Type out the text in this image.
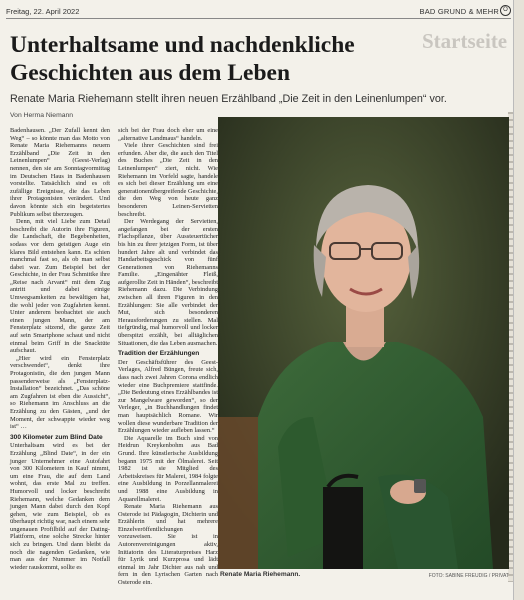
Freitag, 22. April 2022	BAD GRUND & MEHR O
Startseite
Unterhaltsame und nachdenkliche
Geschichten aus dem Leben
Renate Maria Riehemann stellt ihren neuen Erzählband „Die Zeit in den Leinenlumpen“ vor.
Von Herma Niemann

Badenhausen. „Der Zufall kennt den Weg“ – so könnte man das Motto von Renate Maria Riehemanns neuem Erzählband „Die Zeit in den Leinenlumpen“ (Geest-Verlag) nennen, den sie am Sonntagvormittag im Deutschen Haus in Badenhausen vorstellte. Tatsächlich sind es oft zufällige Ereignisse, die das Leben ihrer Protagonisten verändert. Und davon könnte sich ein begeistertes Publikum selbst überzeugen.

Denn, mit viel Liebe zum Detail beschreibt die Autorin ihre Figuren, die Landschaft, die Begebenheiten, sodass vor dem geistigen Auge ein klares Bild entstehen kann. Es schien manchmal fast so, als ob man selbst dabei war. Zum Beispiel bei der Geschichte, in der Frau Schmittke ihre „Reise nach Arvant“ mit dem Zug antritt und dabei einige Umwegsamkeiten zu bewältigen hat, die wohl jeder von Zugfahrten kennt. Unter anderem beobachtet sie auch einen jungen Mann, der am Fensterplatz sitzend, die ganze Zeit auf sein Smartphone schaut und nicht einmal beim Griff in die Snacktüte aufschaut.

„Hier wird ein Fensterplatz verschwendet“, denkt ihre Protagonistin, die den jungen Mann passenderweise als „Fensterplatz-Installation“ bezeichnet. „Das schöne am Zugfahren ist eben die Aussicht“, so Riehemann im Anschluss an die Erzählung zu den Gästen, „und der Moment, der schwappte wieder weg ist“ …

300 Kilometer zum Blind Date

Unterhaltsam wird es bei der Erzählung „Blind Date“, in der ein junger Unternehmer eine Autofahrt von 300 Kilometern in Kauf nimmt, um eine Frau, die auf dem Land wohnt, das erste Mal zu treffen. Humorvoll und locker beschreibt Riehemann, welche Gedanken dem jungen Mann dabei durch den Kopf gehen, wie zum Beispiel, ob es überhaupt richtig war, nach einem sehr ungenauen Profilbild auf der Dating-Plattform, eine solche Strecke hinter sich zu bringen. Und dann bleibt da noch die nagenden Gedanken, wie man aus der Nummer im Notfall wieder rauskommt, sollte es

sich bei der Frau doch eher um eine „alternative Landmaus“ handeln.

Viele ihrer Geschichten sind frei erfunden. Aber die, die auch den Titel des Buches „Die Zeit in den Leinenlumpen“ ziert, nicht. Wie Riehemann im Vorfeld sagte, handele es sich bei dieser Erzählung um eine generationenübergreifende Geschichte, die den Weg von heute ganz besonderen Leinen-Servietten beschreibt.

Der Werdegang der Servietten, angefangen bei der ersten Flachspflanze, über Aussteuertücher bis hin zu ihrer jetzigen Form, ist über hundert Jahre alt und verbindet das Handarbeitsgeschick von fünf Generationen von Riehemanns Familie. „Eingenähter Fleiß, aufgerollte Zeit in Händen“, beschreibt Riehemann dazu. Die Verbindung zwischen all ihren Figuren in den Erzählungen: Sie alle verbindet der Mut, sich besonderen Herausforderungen zu stellen. Mal tiefgründig, mal humorvoll und locker überspitzt erzählt, bei alltäglichen Situationen, die das Leben ausmachen.

Tradition der Erzählungen

Der Geschäftsführer des Geest-Verlages, Alfred Büngen, freute sich, dass nach zwei Jahren Corona endlich wieder eine Buchpremiere stattfinde. „Die Bedeutung eines Erzählbandes ist zur Mangelware geworden“, so der Verleger, „in Buchhandlungen findet man hauptsächlich Romane. Wir wollen diese wunderbare Tradition der Erzählungen wieder aufleben lassen.“

Die Aquarelle im Buch sind von Heidrun Kreykenbohm aus Bad Grund. Ihre künstlerische Ausbildung begann 1975 mit der Ölmalerei. Seit 1982 ist sie Mitglied des Arbeitskreises für Malerei, 1984 folgte eine Ausbildung in Porzellanmalerei und 1988 eine Ausbildung in Aquarellmalerei.

Renate Maria Riehemann aus Osterode ist Pädagogin, Dichterin und Erzählerin und hat mehrere Einzelveröffentlichungen vorzuweisen. Sie ist in Autorenvereinigungen aktiv, Initiatorin des Literaturpreises Harz für Lyrik und Kurzprosa und lädt einmal im Jahr Dichter aus nah und fern in den Lyrischen Garten nach Osterode ein.

Renate Maria Riehemann.	FOTO: SABINE FREUDIG / PRIVAT
